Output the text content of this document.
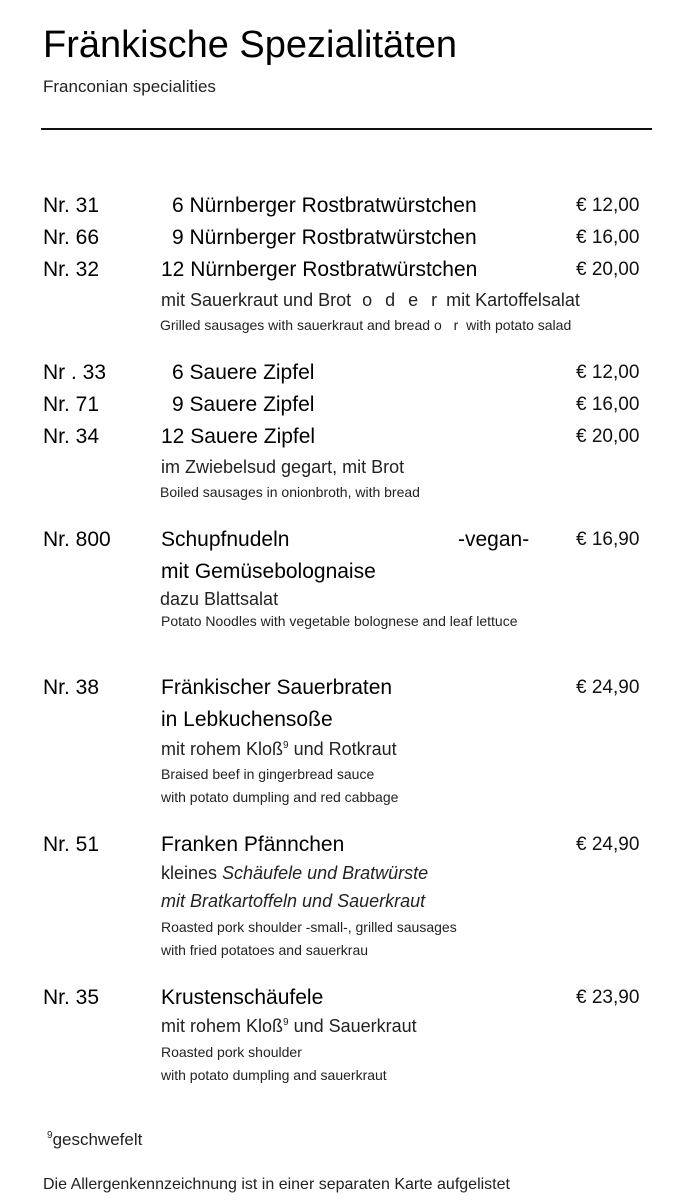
Fränkische Spezialitäten
Franconian specialities
Nr. 31	6 Nürnberger Rostbratwürstchen	€ 12,00
Nr. 66	9 Nürnberger Rostbratwürstchen	€ 16,00
Nr. 32	12 Nürnberger Rostbratwürstchen	€ 20,00
mit Sauerkraut und Brot o d e r mit Kartoffelsalat
Grilled sausages with sauerkraut and bread o r with potato salad
Nr . 33	6 Sauere Zipfel	€ 12,00
Nr. 71	9 Sauere Zipfel	€ 16,00
Nr. 34	12 Sauere Zipfel	€ 20,00
im Zwiebelsud gegart, mit Brot
Boiled sausages in onionbroth, with bread
Nr. 800 Schupfnudeln	-vegan- € 16,90
mit Gemüsebolognaise
dazu Blattsalat
Potato Noodles with vegetable bolognese and leaf lettuce
Nr. 38	Fränkischer Sauerbraten	€ 24,90
in Lebkuchensoße
mit rohem Kloß$^9$ und Rotkraut
Braised beef in gingerbread sauce
with potato dumpling and red cabbage
Nr. 51	Franken Pfännchen	€ 24,90
kleines Schäufele und Bratwürste
mit Bratkartoffeln und Sauerkraut
Roasted pork shoulder -small-, grilled sausages
with fried potatoes and sauerkrau
Nr. 35	Krustenschäufele	€ 23,90
mit rohem Kloß$^9$ und Sauerkraut
Roasted pork shoulder
with potato dumpling and sauerkraut
$^9$geschwefelt
Die Allergenkennzeichnung ist in einer separaten Karte aufgelistet
